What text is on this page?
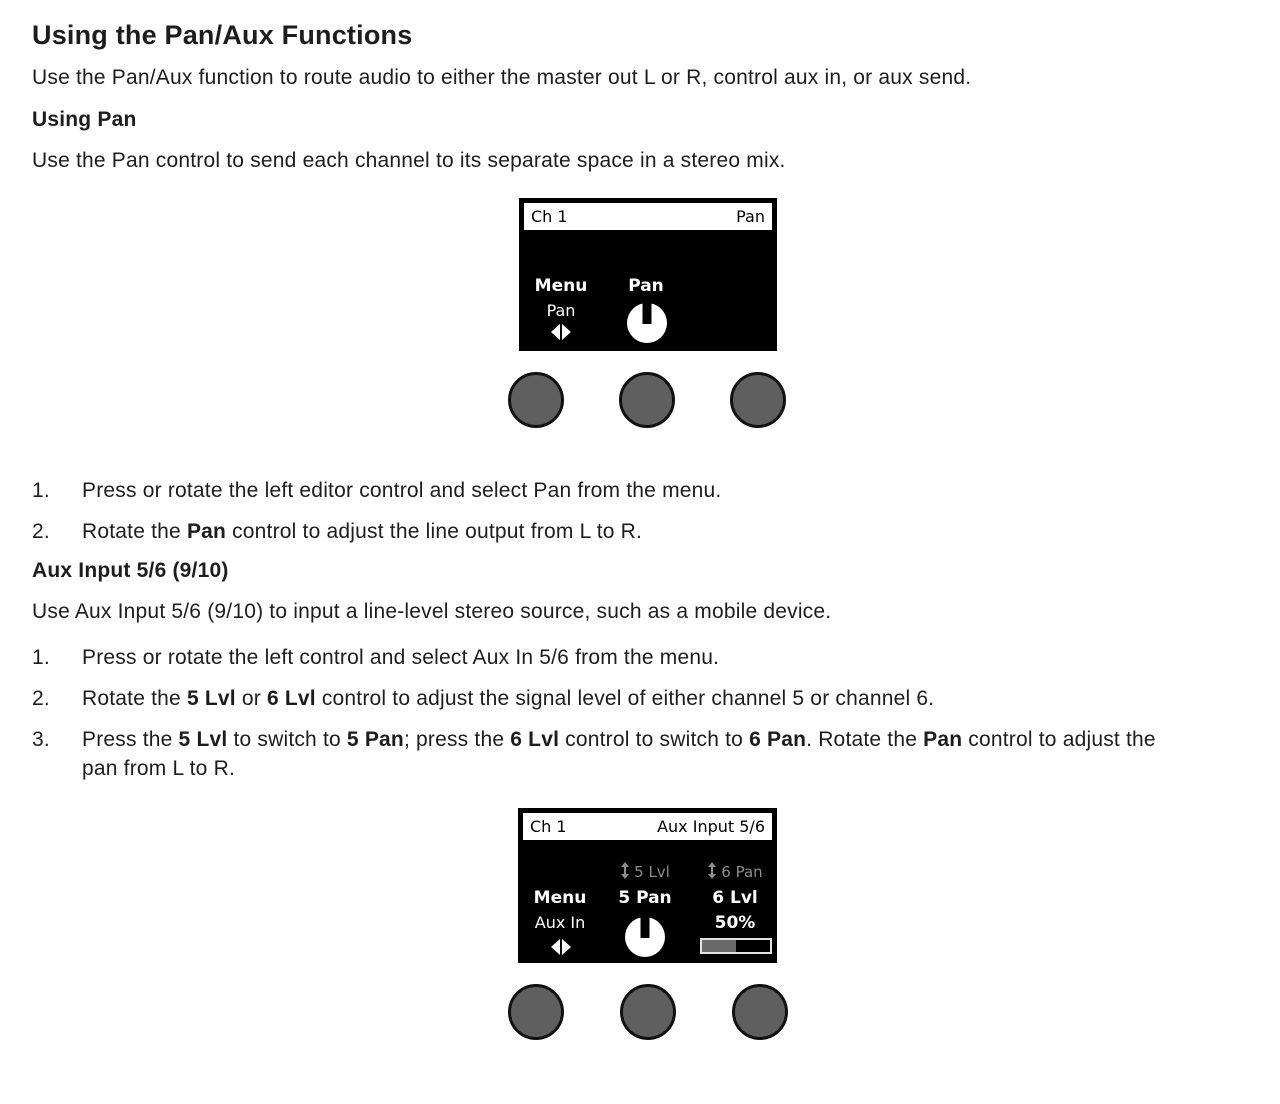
Using the Pan/Aux Functions

Use the Pan/Aux function to route audio to either the master out L or R, control aux in, or aux send.

Using Pan

Use the Pan control to send each channel to its separate space in a stereo mix.

Ch 1	Pan
Menu	Pan
Pan
1.	Press or rotate the left editor control and select Pan from the menu.
2.	Rotate the Pan control to adjust the line output from L to R.
Aux Input 5/6 (9/10)

Use Aux Input 5/6 (9/10) to input a line-level stereo source, such as a mobile device.

1.	Press or rotate the left control and select Aux In 5/6 from the menu.
2.	Rotate the 5 Lvl or 6 Lvl control to adjust the signal level of either channel 5 or channel 6.
3.	Press the 5 Lvl to switch to 5 Pan; press the 6 Lvl control to switch to 6 Pan. Rotate the Pan control to adjust the pan from L to R.
Ch 1	Aux Input 5/6
5 Lvl	6 Pan
Menu	5 Pan	6 Lvl
Aux In	50%
